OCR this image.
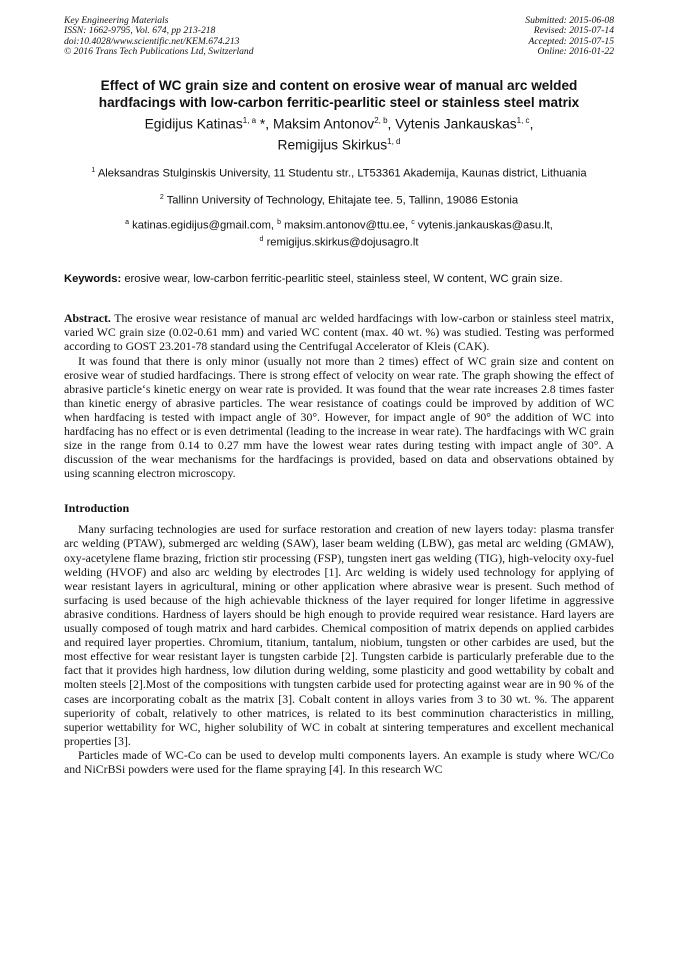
Key Engineering Materials
ISSN: 1662-9795, Vol. 674, pp 213-218
doi:10.4028/www.scientific.net/KEM.674.213
© 2016 Trans Tech Publications Ltd, Switzerland
Submitted: 2015-06-08
Revised: 2015-07-14
Accepted: 2015-07-15
Online: 2016-01-22
Effect of WC grain size and content on erosive wear of manual arc welded hardfacings with low-carbon ferritic-pearlitic steel or stainless steel matrix
Egidijus Katinas$^{1, a}$ *, Maksim Antonov$^{2, b}$, Vytenis Jankauskas$^{1, c}$,
Remigijus Skirkus$^{1, d}$
$^1$ Aleksandras Stulginskis University, 11 Studentu str., LT53361 Akademija, Kaunas district, Lithuania
$^2$ Tallinn University of Technology, Ehitajate tee. 5, Tallinn, 19086 Estonia
$^a$ katinas.egidijus@gmail.com, $^b$ maksim.antonov@ttu.ee, $^c$ vytenis.jankauskas@asu.lt,
$^d$ remigijus.skirkus@dojusagro.lt
Keywords: erosive wear, low-carbon ferritic-pearlitic steel, stainless steel, W content, WC grain size.

Abstract. The erosive wear resistance of manual arc welded hardfacings with low-carbon or stainless steel matrix, varied WC grain size (0.02-0.61 mm) and varied WC content (max. 40 wt. %) was studied. Testing was performed according to GOST 23.201-78 standard using the Centrifugal Accelerator of Kleis (CAK).

It was found that there is only minor (usually not more than 2 times) effect of WC grain size and content on erosive wear of studied hardfacings. There is strong effect of velocity on wear rate. The graph showing the effect of abrasive particle‘s kinetic energy on wear rate is provided. It was found that the wear rate increases 2.8 times faster than kinetic energy of abrasive particles. The wear resistance of coatings could be improved by addition of WC when hardfacing is tested with impact angle of 30°. However, for impact angle of 90° the addition of WC into hardfacing has no effect or is even detrimental (leading to the increase in wear rate). The hardfacings with WC grain size in the range from 0.14 to 0.27 mm have the lowest wear rates during testing with impact angle of 30°. A discussion of the wear mechanisms for the hardfacings is provided, based on data and observations obtained by using scanning electron microscopy.

Introduction

Many surfacing technologies are used for surface restoration and creation of new layers today: plasma transfer arc welding (PTAW), submerged arc welding (SAW), laser beam welding (LBW), gas metal arc welding (GMAW), oxy-acetylene flame brazing, friction stir processing (FSP), tungsten inert gas welding (TIG), high-velocity oxy-fuel welding (HVOF) and also arc welding by electrodes [1]. Arc welding is widely used technology for applying of wear resistant layers in agricultural, mining or other application where abrasive wear is present. Such method of surfacing is used because of the high achievable thickness of the layer required for longer lifetime in aggressive abrasive conditions. Hardness of layers should be high enough to provide required wear resistance. Hard layers are usually composed of tough matrix and hard carbides. Chemical composition of matrix depends on applied carbides and required layer properties. Chromium, titanium, tantalum, niobium, tungsten or other carbides are used, but the most effective for wear resistant layer is tungsten carbide [2]. Tungsten carbide is particularly preferable due to the fact that it provides high hardness, low dilution during welding, some plasticity and good wettability by cobalt and molten steels [2].Most of the compositions with tungsten carbide used for protecting against wear are in 90 % of the cases are incorporating cobalt as the matrix [3]. Cobalt content in alloys varies from 3 to 30 wt. %. The apparent superiority of cobalt, relatively to other matrices, is related to its best comminution characteristics in milling, superior wettability for WC, higher solubility of WC in cobalt at sintering temperatures and excellent mechanical properties [3].

Particles made of WC-Co can be used to develop multi components layers. An example is study where WC/Co and NiCrBSi powders were used for the flame spraying [4]. In this research WC
